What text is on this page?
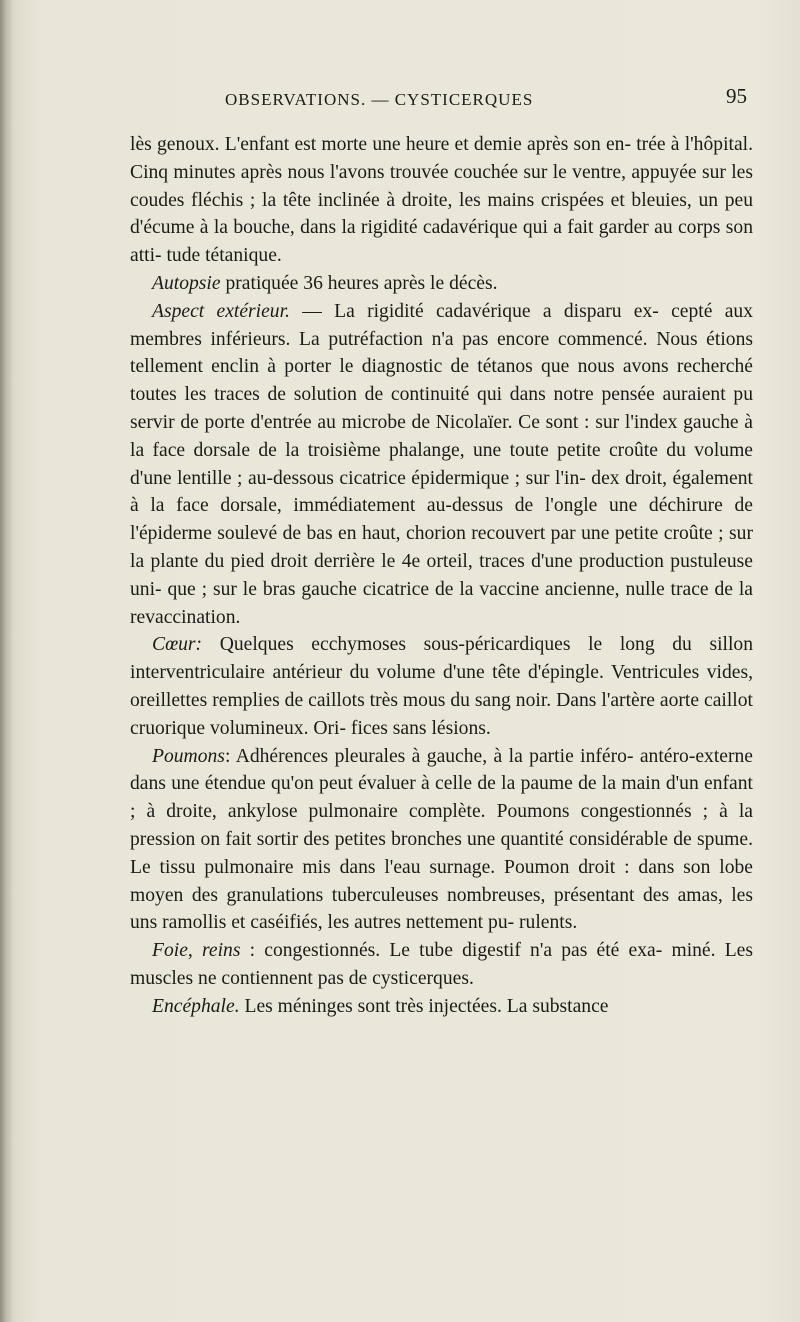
OBSERVATIONS. — CYSTICERQUES	95

lès genoux. L'enfant est morte une heure et demie après son en- trée à l'hôpital. Cinq minutes après nous l'avons trouvée couchée sur le ventre, appuyée sur les coudes fléchis ; la tête inclinée à droite, les mains crispées et bleuies, un peu d'écume à la bouche, dans la rigidité cadavérique qui a fait garder au corps son atti- tude tétanique.

Autopsie pratiquée 36 heures après le décès.

Aspect extérieur. — La rigidité cadavérique a disparu ex- cepté aux membres inférieurs. La putréfaction n'a pas encore commencé. Nous étions tellement enclin à porter le diagnostic de tétanos que nous avons recherché toutes les traces de solution de continuité qui dans notre pensée auraient pu servir de porte d'entrée au microbe de Nicolaïer. Ce sont : sur l'index gauche à la face dorsale de la troisième phalange, une toute petite croûte du volume d'une lentille ; au-dessous cicatrice épidermique ; sur l'in- dex droit, également à la face dorsale, immédiatement au-dessus de l'ongle une déchirure de l'épiderme soulevé de bas en haut, chorion recouvert par une petite croûte ; sur la plante du pied droit derrière le 4e orteil, traces d'une production pustuleuse uni- que ; sur le bras gauche cicatrice de la vaccine ancienne, nulle trace de la revaccination.

Cœur: Quelques ecchymoses sous-péricardiques le long du sillon interventriculaire antérieur du volume d'une tête d'épingle. Ventricules vides, oreillettes remplies de caillots très mous du sang noir. Dans l'artère aorte caillot cruorique volumineux. Ori- fices sans lésions.

Poumons: Adhérences pleurales à gauche, à la partie inféro- antéro-externe dans une étendue qu'on peut évaluer à celle de la paume de la main d'un enfant ; à droite, ankylose pulmonaire complète. Poumons congestionnés ; à la pression on fait sortir des petites bronches une quantité considérable de spume. Le tissu pulmonaire mis dans l'eau surnage. Poumon droit : dans son lobe moyen des granulations tuberculeuses nombreuses, présentant des amas, les uns ramollis et caséifiés, les autres nettement pu- rulents.

Foie, reins : congestionnés. Le tube digestif n'a pas été exa- miné. Les muscles ne contiennent pas de cysticerques.

Encéphale. Les méninges sont très injectées. La substance
